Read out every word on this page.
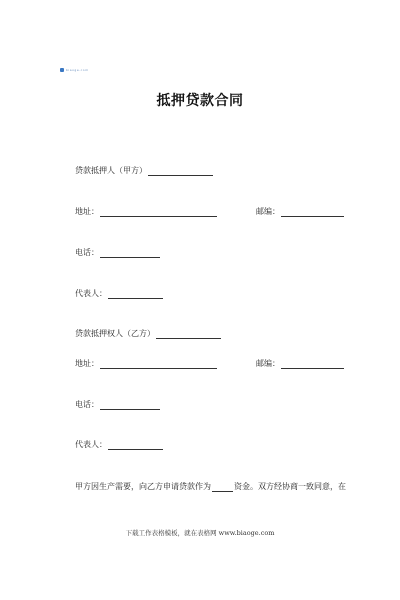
biaoge.com
抵押贷款合同
贷款抵押人（甲方）
地址：	邮编：
电话：
代表人：
贷款抵押权人（乙方）
地址：	邮编：
电话：
代表人：
甲方因生产需要，向乙方申请贷款作为	资金。双方经协商一致同意，在
下载工作表格模板，就在表格网 www.biaoge.com
